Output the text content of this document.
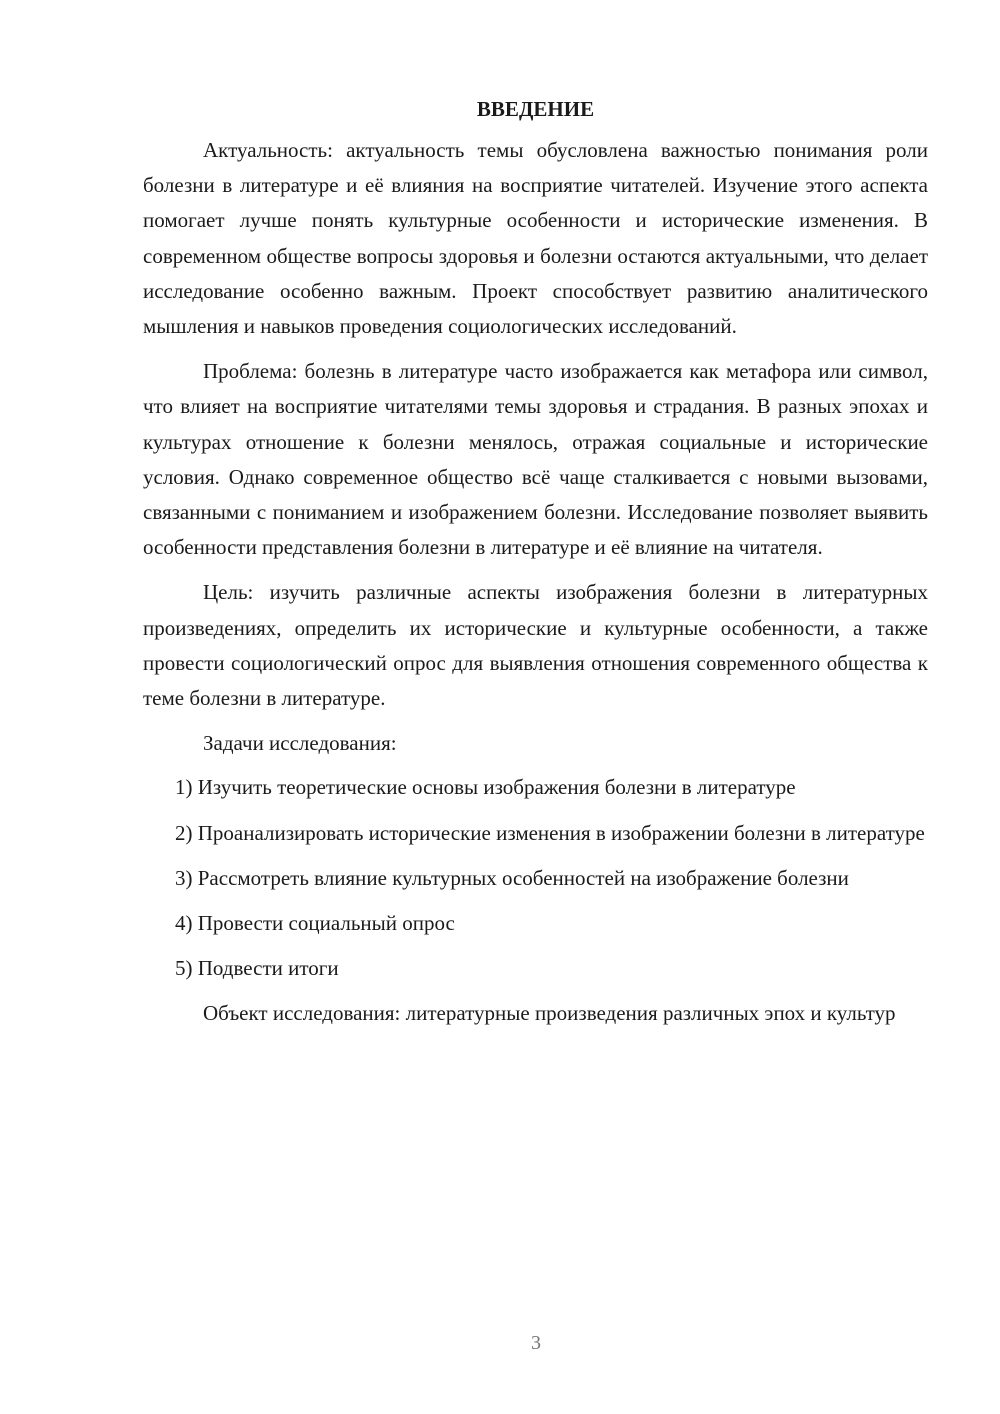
ВВЕДЕНИЕ

Актуальность: актуальность темы обусловлена важностью понимания роли болезни в литературе и её влияния на восприятие читателей. Изучение этого аспекта помогает лучше понять культурные особенности и исторические изменения. В современном обществе вопросы здоровья и болезни остаются актуальными, что делает исследование особенно важным. Проект способствует развитию аналитического мышления и навыков проведения социологических исследований.

Проблема: болезнь в литературе часто изображается как метафора или символ, что влияет на восприятие читателями темы здоровья и страдания. В разных эпохах и культурах отношение к болезни менялось, отражая социальные и исторические условия. Однако современное общество всё чаще сталкивается с новыми вызовами, связанными с пониманием и изображением болезни. Исследование позволяет выявить особенности представления болезни в литературе и её влияние на читателя.

Цель: изучить различные аспекты изображения болезни в литературных произведениях, определить их исторические и культурные особенности, а также провести социологический опрос для выявления отношения современного общества к теме болезни в литературе.

Задачи исследования:

1) Изучить теоретические основы изображения болезни в литературе

2) Проанализировать исторические изменения в изображении болезни в литературе

3) Рассмотреть влияние культурных особенностей на изображение болезни

4) Провести социальный опрос

5) Подвести итоги

Объект исследования: литературные произведения различных эпох и культур

3
